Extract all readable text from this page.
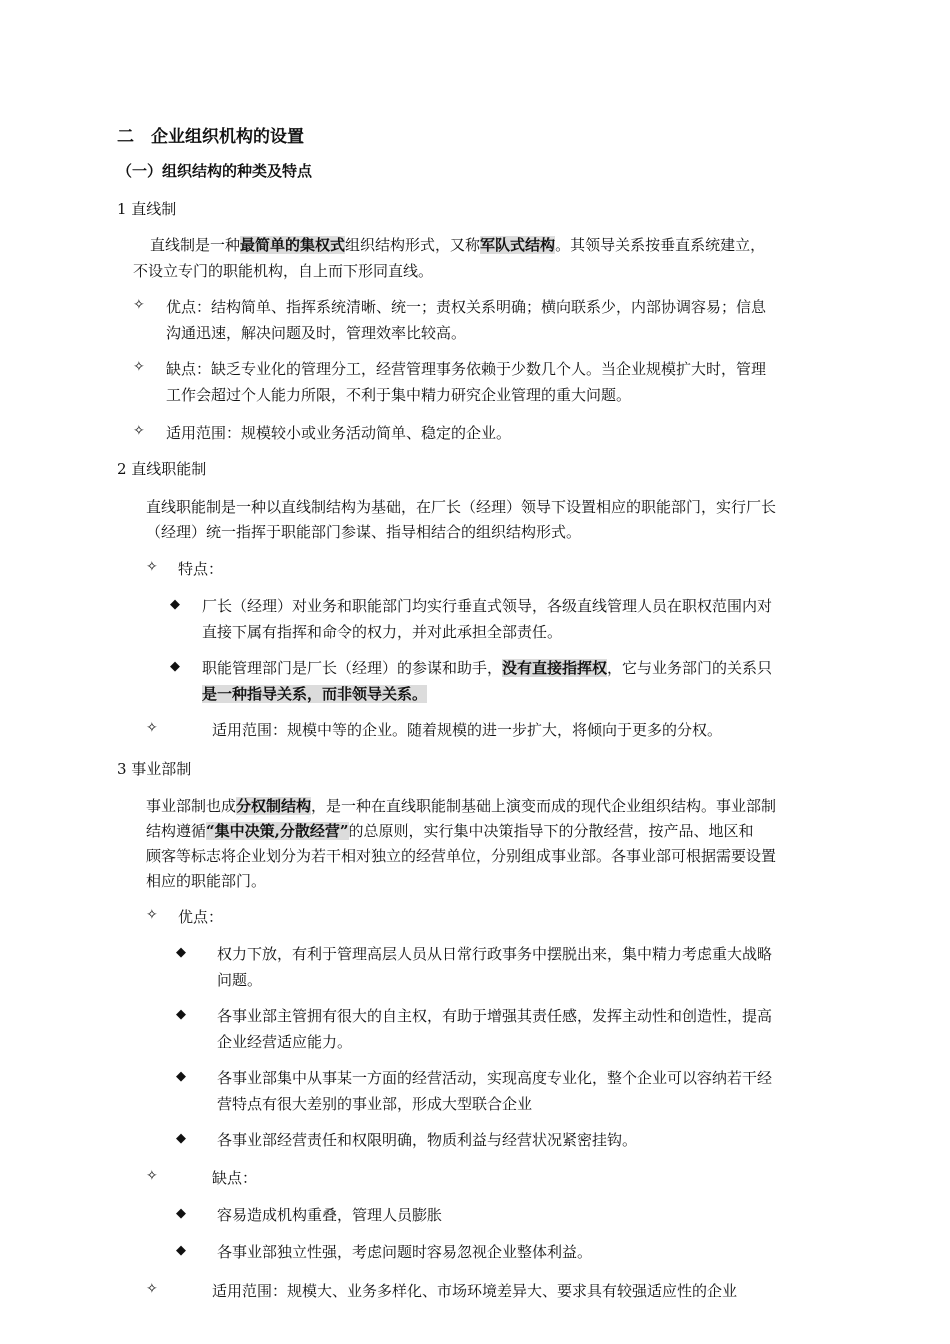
二　企业组织机构的设置
（一）组织结构的种类及特点
1 直线制
直线制是一种最简单的集权式组织结构形式，又称军队式结构。其领导关系按垂直系统建立，
不设立专门的职能机构，自上而下形同直线。
✧ 优点：结构简单、指挥系统清晰、统一；责权关系明确；横向联系少，内部协调容易；信息
沟通迅速，解决问题及时，管理效率比较高。
✧ 缺点：缺乏专业化的管理分工，经营管理事务依赖于少数几个人。当企业规模扩大时，管理
工作会超过个人能力所限，不利于集中精力研究企业管理的重大问题。
✧ 适用范围：规模较小或业务活动简单、稳定的企业。
2 直线职能制
直线职能制是一种以直线制结构为基础，在厂长（经理）领导下设置相应的职能部门，实行厂长
（经理）统一指挥于职能部门参谋、指导相结合的组织结构形式。
✧ 特点：
◆ 厂长（经理）对业务和职能部门均实行垂直式领导，各级直线管理人员在职权范围内对
直接下属有指挥和命令的权力，并对此承担全部责任。
◆ 职能管理部门是厂长（经理）的参谋和助手，没有直接指挥权，它与业务部门的关系只
是一种指导关系，而非领导关系。
✧	适用范围：规模中等的企业。随着规模的进一步扩大，将倾向于更多的分权。
3 事业部制
事业部制也成分权制结构，是一种在直线职能制基础上演变而成的现代企业组织结构。事业部制
结构遵循“集中决策,分散经营”的总原则，实行集中决策指导下的分散经营，按产品、地区和
顾客等标志将企业划分为若干相对独立的经营单位，分别组成事业部。各事业部可根据需要设置
相应的职能部门。
✧ 优点：
◆ 权力下放，有利于管理高层人员从日常行政事务中摆脱出来，集中精力考虑重大战略
问题。
◆ 各事业部主管拥有很大的自主权，有助于增强其责任感，发挥主动性和创造性，提高
企业经营适应能力。
◆ 各事业部集中从事某一方面的经营活动，实现高度专业化，整个企业可以容纳若干经
营特点有很大差别的事业部，形成大型联合企业
◆ 各事业部经营责任和权限明确，物质利益与经营状况紧密挂钩。
✧	缺点：
◆ 容易造成机构重叠，管理人员膨胀
◆ 各事业部独立性强，考虑问题时容易忽视企业整体利益。
✧	适用范围：规模大、业务多样化、市场环境差异大、要求具有较强适应性的企业
